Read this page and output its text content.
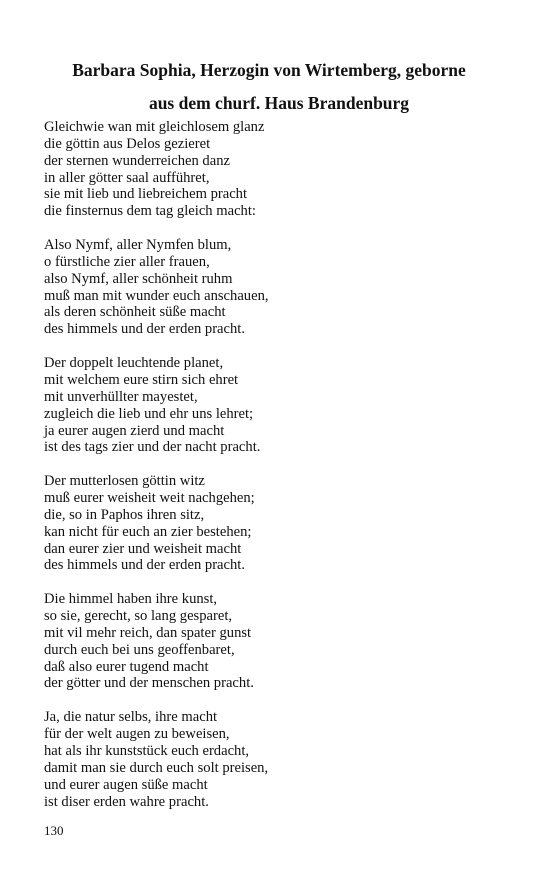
Barbara Sophia, Herzogin von Wirtemberg, geborne
aus dem churf. Haus Brandenburg
Gleichwie wan mit gleichlosem glanz
die göttin aus Delos gezieret
der sternen wunderreichen danz
in aller götter saal aufführet,
sie mit lieb und liebreichem pracht
die finsternus dem tag gleich macht:
Also Nymf, aller Nymfen blum,
o fürstliche zier aller frauen,
also Nymf, aller schönheit ruhm
muß man mit wunder euch anschauen,
als deren schönheit süße macht
des himmels und der erden pracht.
Der doppelt leuchtende planet,
mit welchem eure stirn sich ehret
mit unverhüllter mayestet,
zugleich die lieb und ehr uns lehret;
ja eurer augen zierd und macht
ist des tags zier und der nacht pracht.
Der mutterlosen göttin witz
muß eurer weisheit weit nachgehen;
die, so in Paphos ihren sitz,
kan nicht für euch an zier bestehen;
dan eurer zier und weisheit macht
des himmels und der erden pracht.
Die himmel haben ihre kunst,
so sie, gerecht, so lang gesparet,
mit vil mehr reich, dan spater gunst
durch euch bei uns geoffenbaret,
daß also eurer tugend macht
der götter und der menschen pracht.
Ja, die natur selbs, ihre macht
für der welt augen zu beweisen,
hat als ihr kunststück euch erdacht,
damit man sie durch euch solt preisen,
und eurer augen süße macht
ist diser erden wahre pracht.
130
